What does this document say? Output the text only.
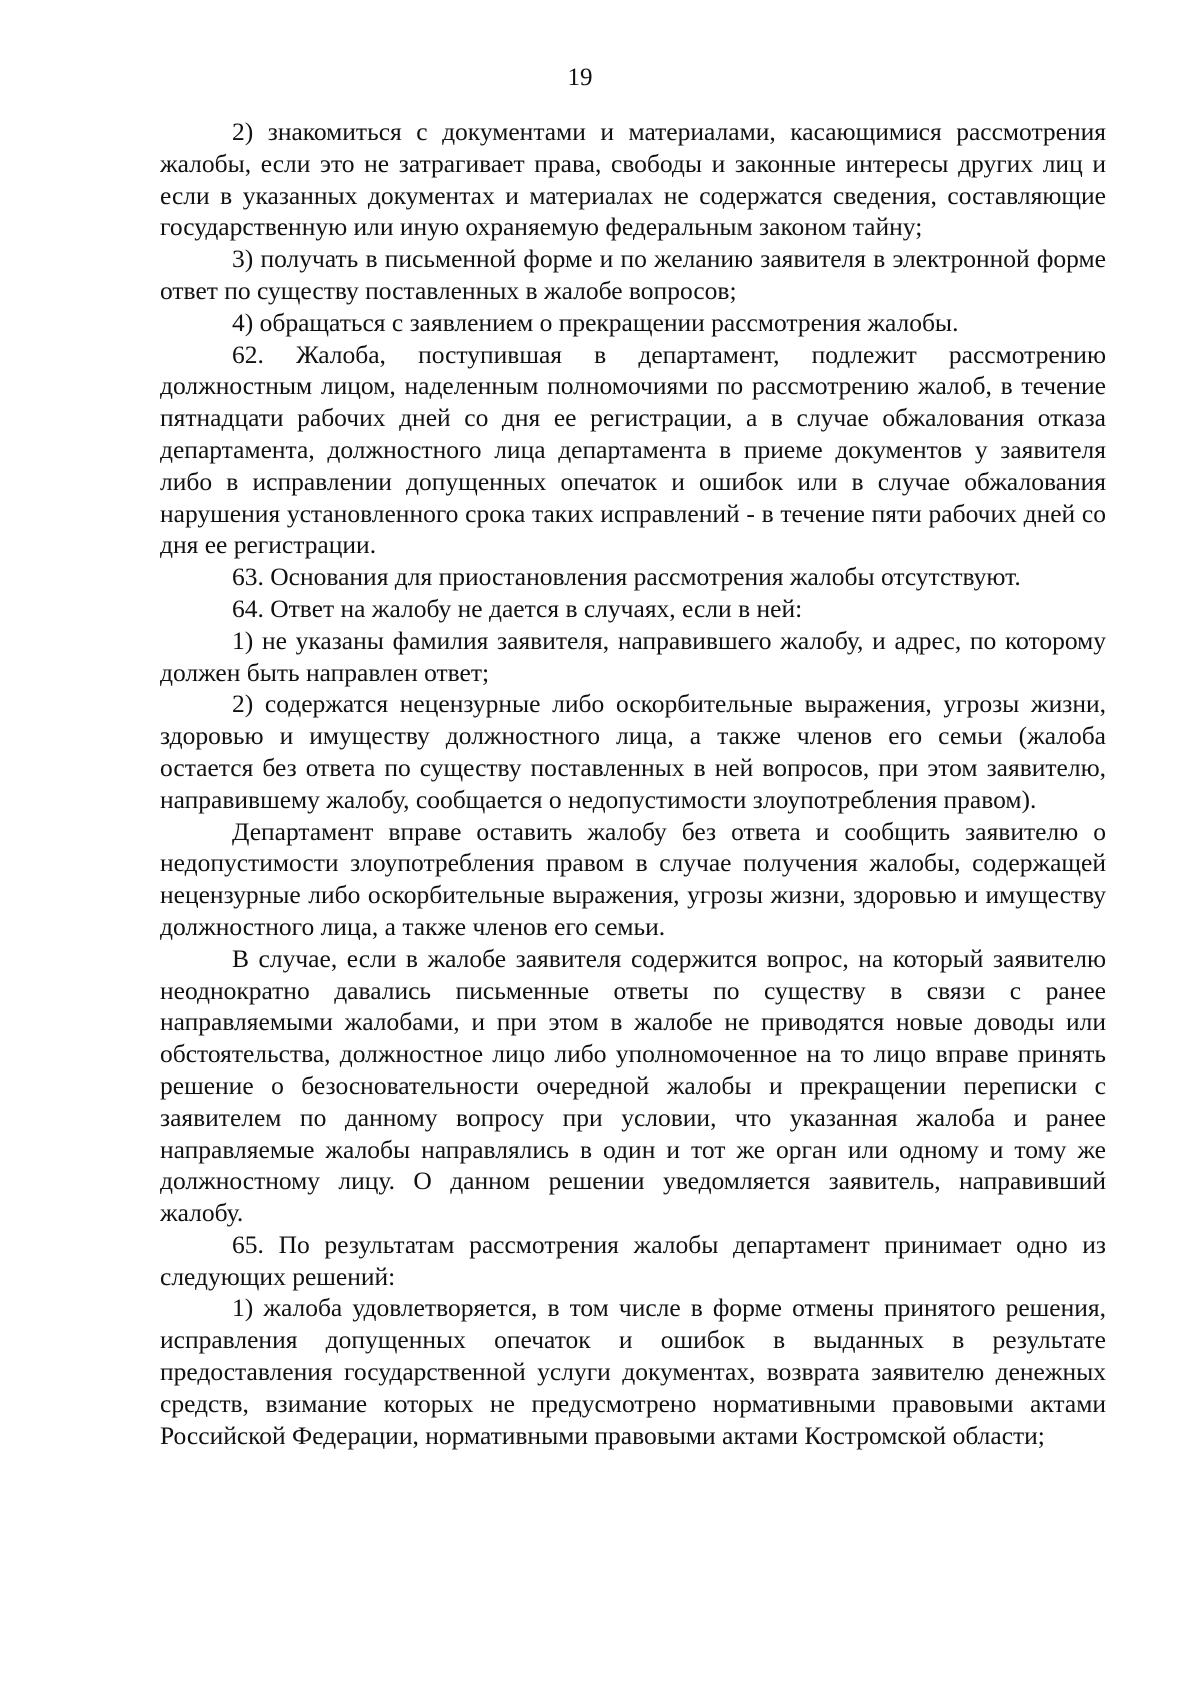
19

2) знакомиться с документами и материалами, касающимися рассмотрения жалобы, если это не затрагивает права, свободы и законные интересы других лиц и если в указанных документах и материалах не содержатся сведения, составляющие государственную или иную охраняемую федеральным законом тайну;

3) получать в письменной форме и по желанию заявителя в электронной форме ответ по существу поставленных в жалобе вопросов;

4) обращаться с заявлением о прекращении рассмотрения жалобы.

62. Жалоба, поступившая в департамент, подлежит рассмотрению должностным лицом, наделенным полномочиями по рассмотрению жалоб, в течение пятнадцати рабочих дней со дня ее регистрации, а в случае обжалования отказа департамента, должностного лица департамента в приеме документов у заявителя либо в исправлении допущенных опечаток и ошибок или в случае обжалования нарушения установленного срока таких исправлений - в течение пяти рабочих дней со дня ее регистрации.

63. Основания для приостановления рассмотрения жалобы отсутствуют.

64. Ответ на жалобу не дается в случаях, если в ней:

1) не указаны фамилия заявителя, направившего жалобу, и адрес, по которому должен быть направлен ответ;

2) содержатся нецензурные либо оскорбительные выражения, угрозы жизни, здоровью и имуществу должностного лица, а также членов его семьи (жалоба остается без ответа по существу поставленных в ней вопросов, при этом заявителю, направившему жалобу, сообщается о недопустимости злоупотребления правом).

Департамент вправе оставить жалобу без ответа и сообщить заявителю о недопустимости злоупотребления правом в случае получения жалобы, содержащей нецензурные либо оскорбительные выражения, угрозы жизни, здоровью и имуществу должностного лица, а также членов его семьи.

В случае, если в жалобе заявителя содержится вопрос, на который заявителю неоднократно давались письменные ответы по существу в связи с ранее направляемыми жалобами, и при этом в жалобе не приводятся новые доводы или обстоятельства, должностное лицо либо уполномоченное на то лицо вправе принять решение о безосновательности очередной жалобы и прекращении переписки с заявителем по данному вопросу при условии, что указанная жалоба и ранее направляемые жалобы направлялись в один и тот же орган или одному и тому же должностному лицу. О данном решении уведомляется заявитель, направивший жалобу.

65. По результатам рассмотрения жалобы департамент принимает одно из следующих решений:

1) жалоба удовлетворяется, в том числе в форме отмены принятого решения, исправления допущенных опечаток и ошибок в выданных в результате предоставления государственной услуги документах, возврата заявителю денежных средств, взимание которых не предусмотрено нормативными правовыми актами Российской Федерации, нормативными правовыми актами Костромской области;
